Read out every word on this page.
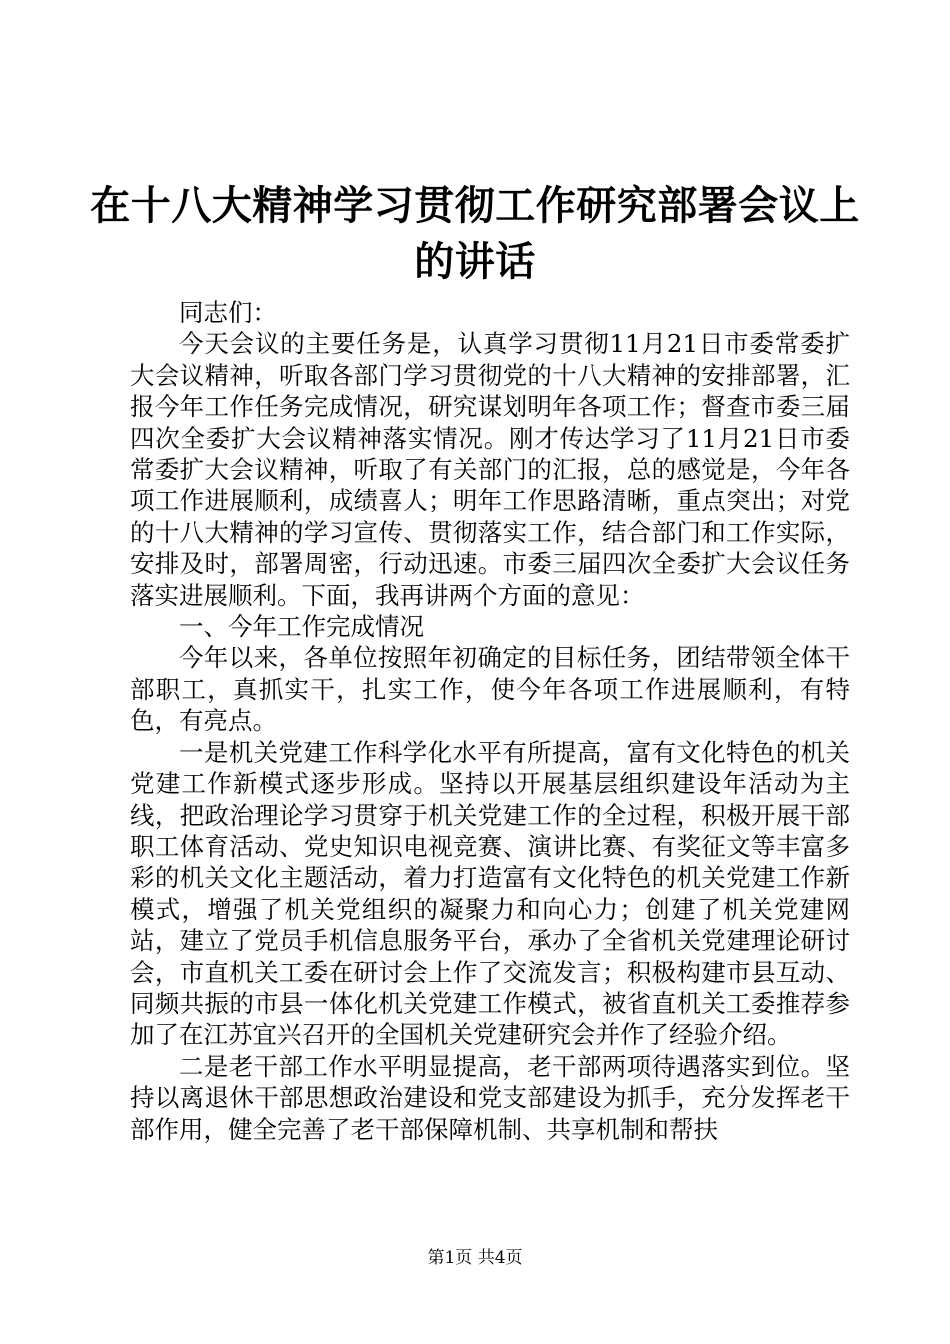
在十八大精神学习贯彻工作研究部署会议上的讲话

同志们：

今天会议的主要任务是，认真学习贯彻11月21日市委常委扩大会议精神，听取各部门学习贯彻党的十八大精神的安排部署，汇报今年工作任务完成情况，研究谋划明年各项工作；督查市委三届四次全委扩大会议精神落实情况。刚才传达学习了11月21日市委常委扩大会议精神，听取了有关部门的汇报，总的感觉是，今年各项工作进展顺利，成绩喜人；明年工作思路清晰，重点突出；对党的十八大精神的学习宣传、贯彻落实工作，结合部门和工作实际，安排及时，部署周密，行动迅速。市委三届四次全委扩大会议任务落实进展顺利。下面，我再讲两个方面的意见：

一、今年工作完成情况

今年以来，各单位按照年初确定的目标任务，团结带领全体干部职工，真抓实干，扎实工作，使今年各项工作进展顺利，有特色，有亮点。

一是机关党建工作科学化水平有所提高，富有文化特色的机关党建工作新模式逐步形成。坚持以开展基层组织建设年活动为主线，把政治理论学习贯穿于机关党建工作的全过程，积极开展干部职工体育活动、党史知识电视竞赛、演讲比赛、有奖征文等丰富多彩的机关文化主题活动，着力打造富有文化特色的机关党建工作新模式，增强了机关党组织的凝聚力和向心力；创建了机关党建网站，建立了党员手机信息服务平台，承办了全省机关党建理论研讨会，市直机关工委在研讨会上作了交流发言；积极构建市县互动、同频共振的市县一体化机关党建工作模式，被省直机关工委推荐参加了在江苏宜兴召开的全国机关党建研究会并作了经验介绍。

二是老干部工作水平明显提高，老干部两项待遇落实到位。坚持以离退休干部思想政治建设和党支部建设为抓手，充分发挥老干部作用，健全完善了老干部保障机制、共享机制和帮扶

第1页 共4页
